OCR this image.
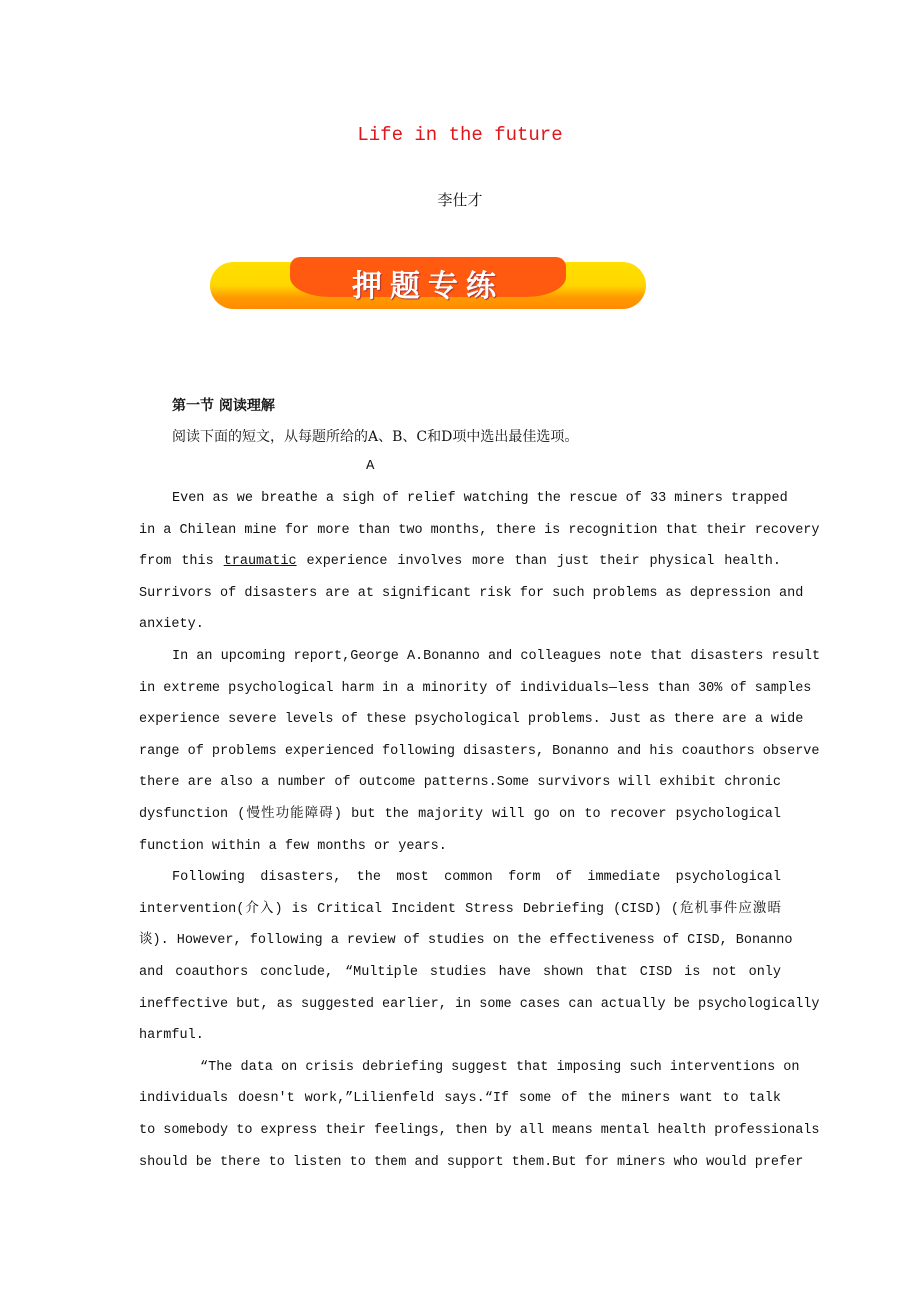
Life in the future
李仕才
押题专练
第一节 阅读理解
阅读下面的短文，从每题所给的A、B、C和D项中选出最佳选项。
A
Even as we breathe a sigh of relief watching the rescue of 33 miners trapped
in a Chilean mine for more than two months, there is recognition that their recovery
from this traumatic experience involves more than just their physical health.
Surrivors of disasters are at significant risk for such problems as depression and
anxiety.
In an upcoming report,George A.Bonanno and colleagues note that disasters result
in extreme psychological harm in a minority of individuals—less than 30% of samples
experience severe levels of these psychological problems. Just as there are a wide
range of problems experienced following disasters, Bonanno and his coauthors observe
there are also a number of outcome patterns.Some survivors will exhibit chronic
dysfunction (慢性功能障碍) but the majority will go on to recover psychological
function within a few months or years.
Following disasters, the most common form of immediate psychological
intervention(介入) is Critical Incident Stress Debriefing (CISD) (危机事件应激晤
谈). However, following a review of studies on the effectiveness of CISD, Bonanno
and coauthors conclude, “Multiple studies have shown that CISD is not only
ineffective but, as suggested earlier, in some cases can actually be psychologically
harmful.
“The data on crisis debriefing suggest that imposing such interventions on
individuals doesn't work,”Lilienfeld says.“If some of the miners want to talk
to somebody to express their feelings, then by all means mental health professionals
should be there to listen to them and support them.But for miners who would prefer
